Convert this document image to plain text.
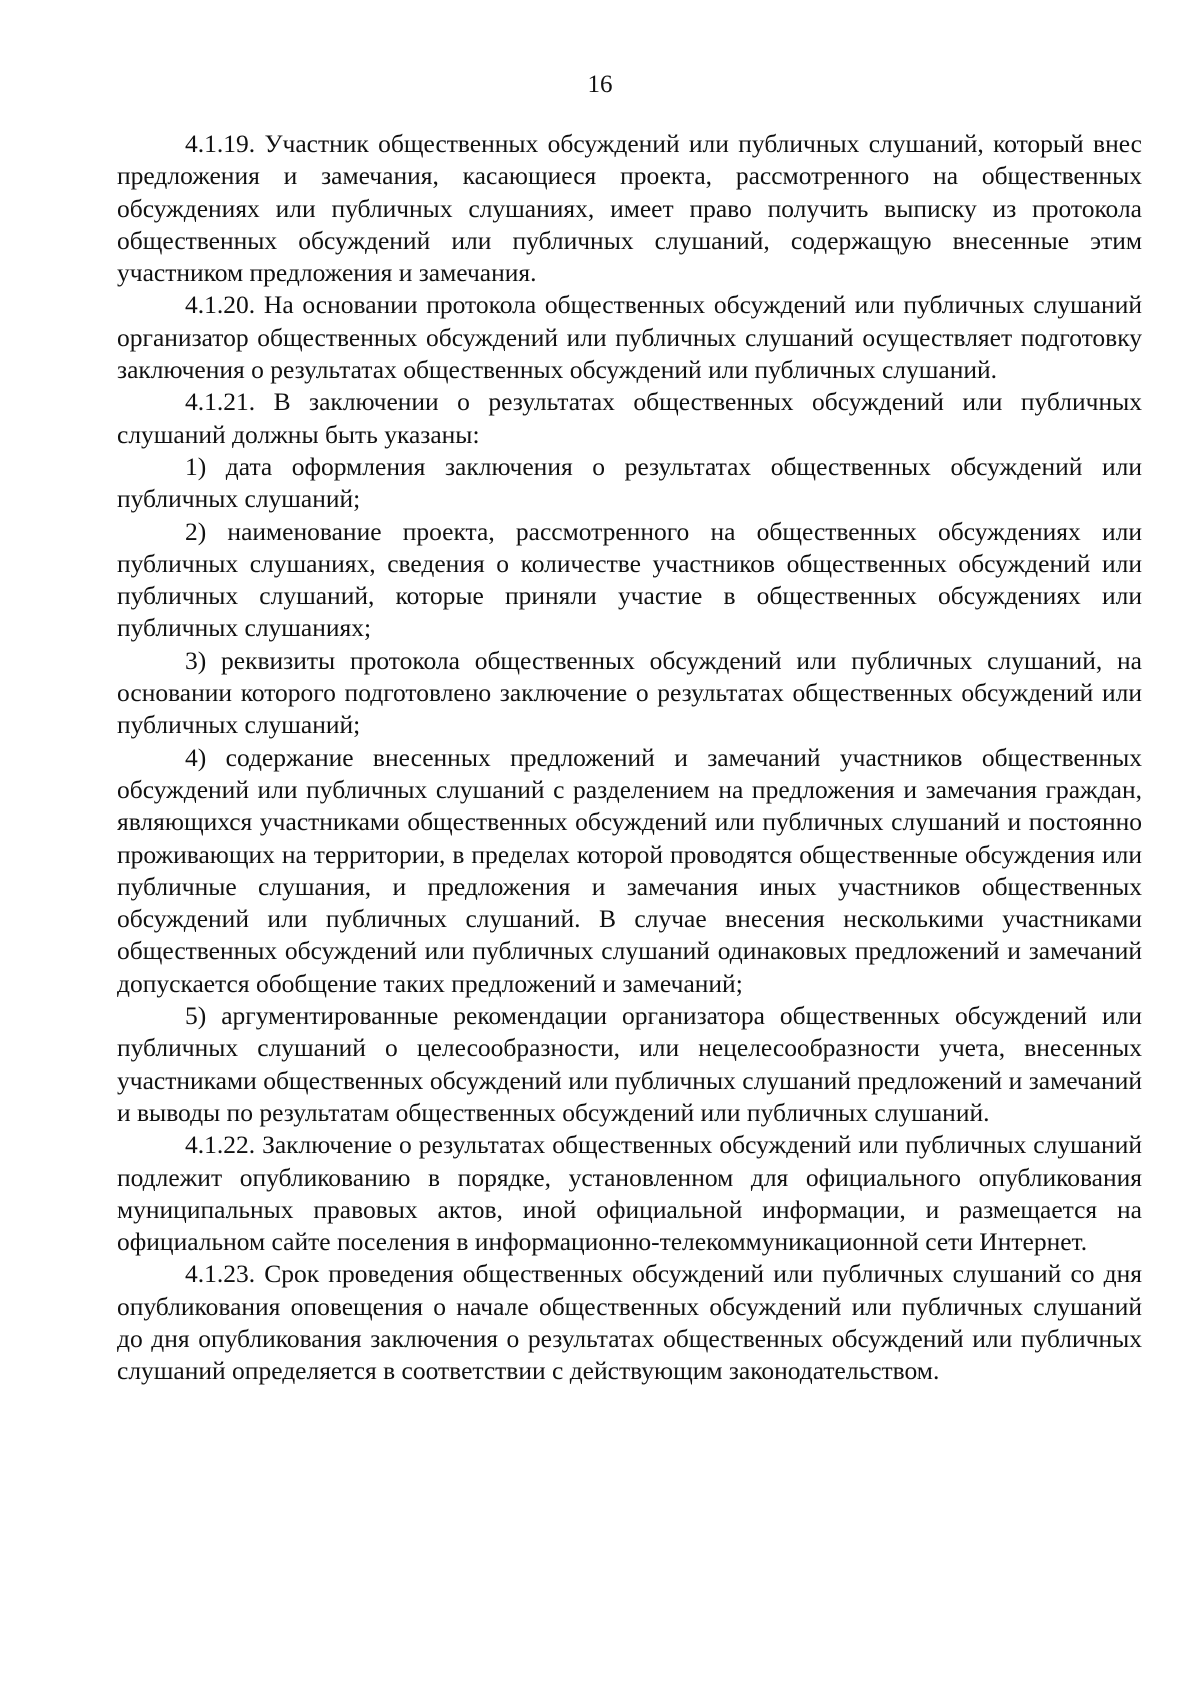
16

4.1.19. Участник общественных обсуждений или публичных слушаний, который внес предложения и замечания, касающиеся проекта, рассмотренного на общественных обсуждениях или публичных слушаниях, имеет право получить выписку из протокола общественных обсуждений или публичных слушаний, содержащую внесенные этим участником предложения и замечания.

4.1.20. На основании протокола общественных обсуждений или публичных слушаний организатор общественных обсуждений или публичных слушаний осуществляет подготовку заключения о результатах общественных обсуждений или публичных слушаний.

4.1.21. В заключении о результатах общественных обсуждений или публичных слушаний должны быть указаны:

1) дата оформления заключения о результатах общественных обсуждений или публичных слушаний;

2) наименование проекта, рассмотренного на общественных обсуждениях или публичных слушаниях, сведения о количестве участников общественных обсуждений или публичных слушаний, которые приняли участие в общественных обсуждениях или публичных слушаниях;

3) реквизиты протокола общественных обсуждений или публичных слушаний, на основании которого подготовлено заключение о результатах общественных обсуждений или публичных слушаний;

4) содержание внесенных предложений и замечаний участников общественных обсуждений или публичных слушаний с разделением на предложения и замечания граждан, являющихся участниками общественных обсуждений или публичных слушаний и постоянно проживающих на территории, в пределах которой проводятся общественные обсуждения или публичные слушания, и предложения и замечания иных участников общественных обсуждений или публичных слушаний. В случае внесения несколькими участниками общественных обсуждений или публичных слушаний одинаковых предложений и замечаний допускается обобщение таких предложений и замечаний;

5) аргументированные рекомендации организатора общественных обсуждений или публичных слушаний о целесообразности, или нецелесообразности учета, внесенных участниками общественных обсуждений или публичных слушаний предложений и замечаний и выводы по результатам общественных обсуждений или публичных слушаний.

4.1.22. Заключение о результатах общественных обсуждений или публичных слушаний подлежит опубликованию в порядке, установленном для официального опубликования муниципальных правовых актов, иной официальной информации, и размещается на официальном сайте поселения в информационно-телекоммуникационной сети Интернет.

4.1.23. Срок проведения общественных обсуждений или публичных слушаний со дня опубликования оповещения о начале общественных обсуждений или публичных слушаний до дня опубликования заключения о результатах общественных обсуждений или публичных слушаний определяется в соответствии с действующим законодательством.
